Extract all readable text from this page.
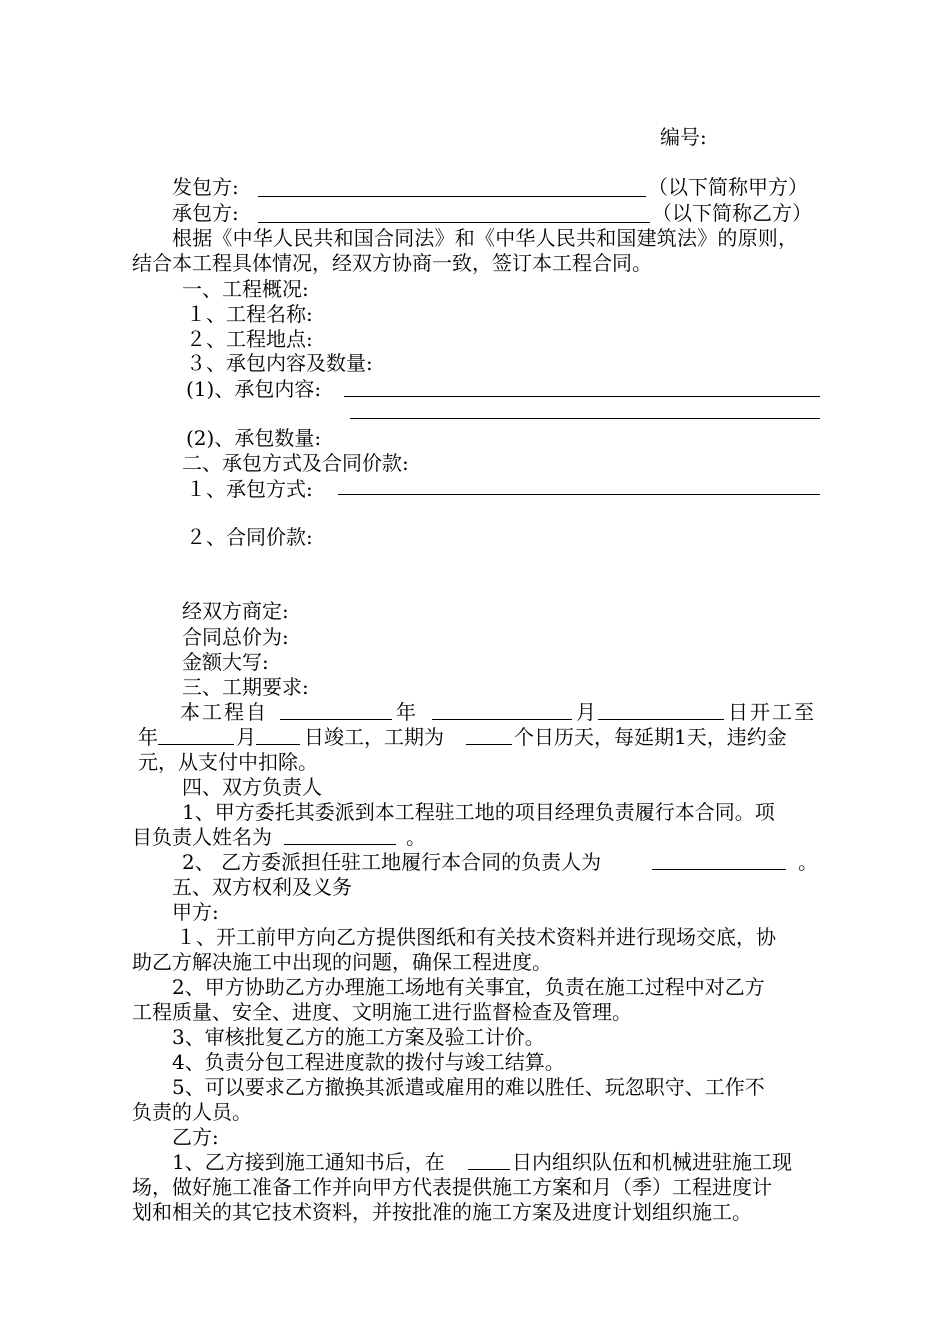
编号:
发包方:	（以下简称甲方）
承包方:	（以下简称乙方）
根据《中华人民共和国合同法》和《中华人民共和国建筑法》的原则，
结合本工程具体情况，经双方协商一致，签订本工程合同。
一、工程概况:
１、工程名称:
２、工程地点:
３、承包内容及数量:
(1)、承包内容:
(2)、承包数量:
二、承包方式及合同价款:
１、承包方式:
２、合同价款:
经双方商定:
合同总价为:
金额大写:
三、工期要求:
本工程自	年	月	日开工至
年	月 日竣工，工期为	个日历天，每延期1天，违约金
元，从支付中扣除。
四、双方负责人
1、甲方委托其委派到本工程驻工地的项目经理负责履行本合同。项
目负责人姓名为	。
2、 乙方委派担任驻工地履行本合同的负责人为	。
五、双方权利及义务
甲方:
１、开工前甲方向乙方提供图纸和有关技术资料并进行现场交底，协
助乙方解决施工中出现的问题，确保工程进度。
2、甲方协助乙方办理施工场地有关事宜，负责在施工过程中对乙方
工程质量、安全、进度、文明施工进行监督检查及管理。
3、审核批复乙方的施工方案及验工计价。
4、负责分包工程进度款的拨付与竣工结算。
5、可以要求乙方撤换其派遣或雇用的难以胜任、玩忽职守、工作不
负责的人员。
乙方:
1、乙方接到施工通知书后，在	日内组织队伍和机械进驻施工现
场，做好施工准备工作并向甲方代表提供施工方案和月（季）工程进度计
划和相关的其它技术资料，并按批准的施工方案及进度计划组织施工。
